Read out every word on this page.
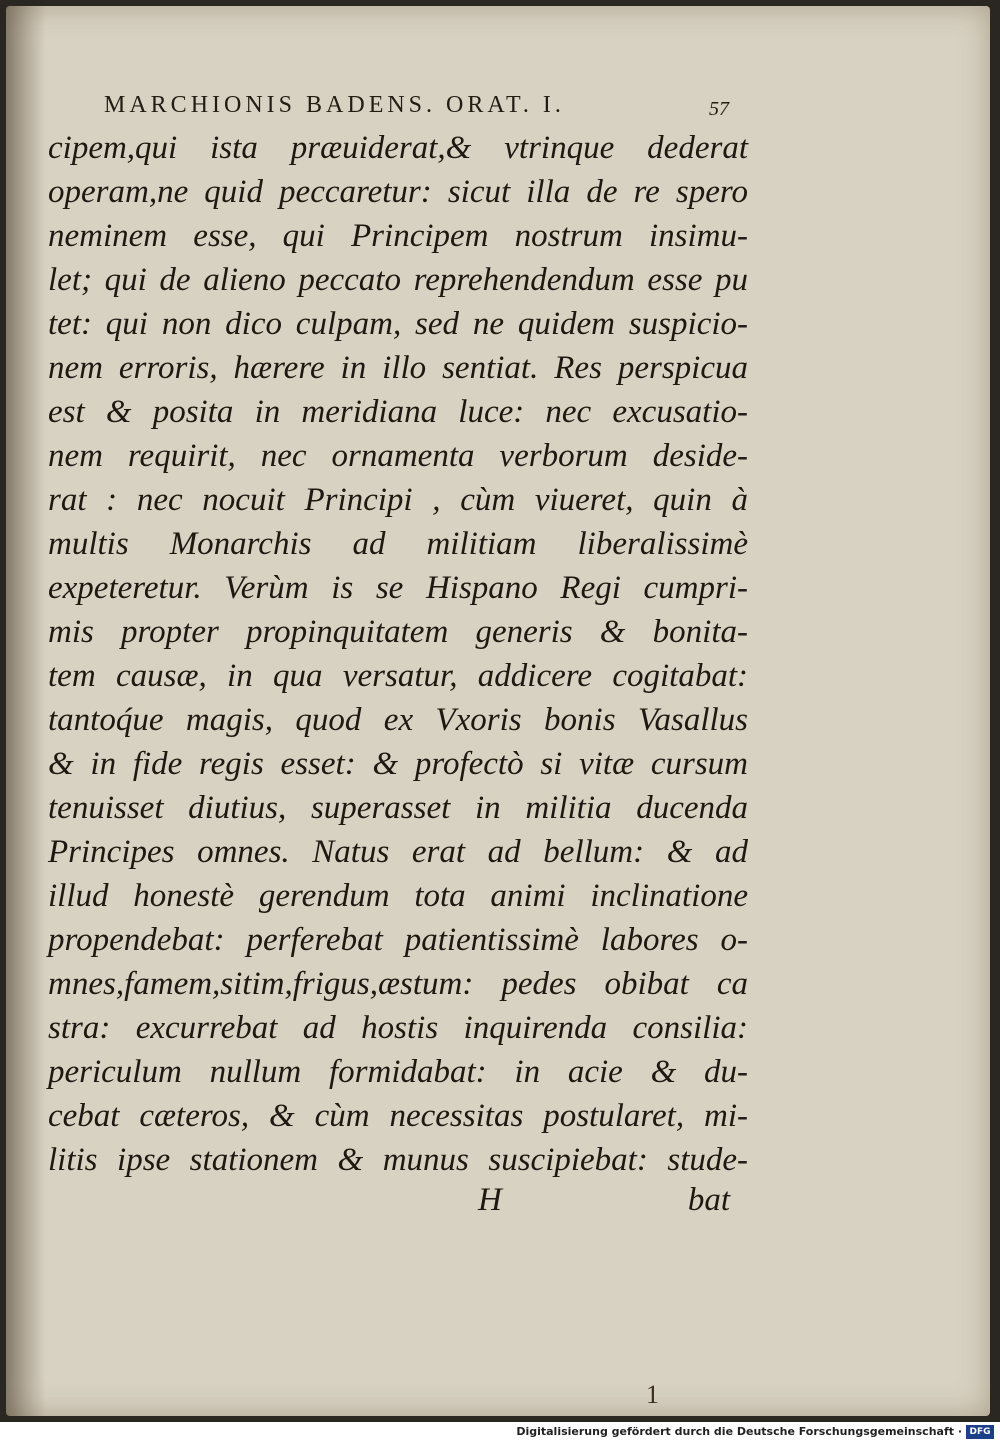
MARCHIONIS BADENS. ORAT. I.	57
cipem,qui ista præuiderat,& vtrinque dederat
operam,ne quid peccaretur: sicut illa de re spero
neminem esse, qui Principem nostrum insimu-
let; qui de alieno peccato reprehendendum esse pu
tet: qui non dico culpam, sed ne quidem suspicio-
nem erroris, hærere in illo sentiat. Res perspicua
est & posita in meridiana luce: nec excusatio-
nem requirit, nec ornamenta verborum deside-
rat : nec nocuit Principi , cùm viueret, quin à
multis Monarchis ad militiam liberalissimè
expeteretur. Verùm is se Hispano Regi cumpri-
mis propter propinquitatem generis & bonita-
tem causæ, in qua versatur, addicere cogitabat:
tantoq́ue magis, quod ex Vxoris bonis Vasallus
& in fide regis esset: & profectò si vitæ cursum
tenuisset diutius, superasset in militia ducenda
Principes omnes. Natus erat ad bellum: & ad
illud honestè gerendum tota animi inclinatione
propendebat: perferebat patientissimè labores o-
mnes,famem,sitim,frigus,æstum: pedes obibat ca
stra: excurrebat ad hostis inquirenda consilia:
periculum nullum formidabat: in acie & du-
cebat cæteros, & cùm necessitas postularet, mi-
litis ipse stationem & munus suscipiebat: stude-
H	bat
1
Digitalisierung gefördert durch die Deutsche Forschungsgemeinschaft · DFG
